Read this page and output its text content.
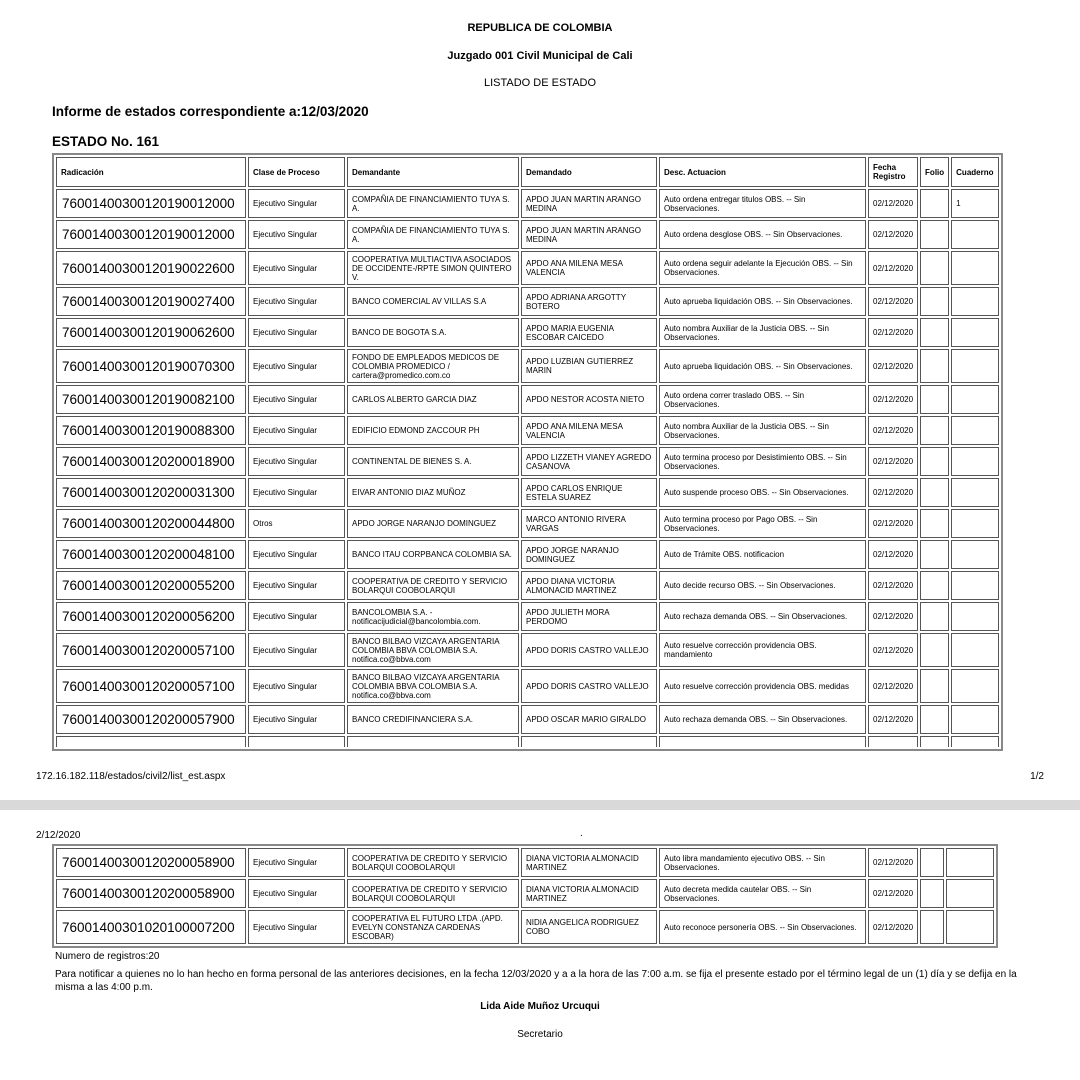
REPUBLICA DE COLOMBIA
Juzgado 001 Civil Municipal de Cali
LISTADO DE ESTADO
Informe de estados correspondiente a:12/03/2020
ESTADO No. 161
Radicación	Clase de Proceso	Demandante	Demandado	Desc. Actuacion	Fecha Registro	Folio	Cuaderno
76001400300120190012000	Ejecutivo Singular	COMPAÑIA DE FINANCIAMIENTO TUYA S. A.	APDO JUAN MARTIN ARANGO MEDINA	Auto ordena entregar titulos OBS. -- Sin Observaciones.	02/12/2020		1
76001400300120190012000	Ejecutivo Singular	COMPAÑIA DE FINANCIAMIENTO TUYA S. A.	APDO JUAN MARTIN ARANGO MEDINA	Auto ordena desglose OBS. -- Sin Observaciones.	02/12/2020		
76001400300120190022600	Ejecutivo Singular	COOPERATIVA MULTIACTIVA ASOCIADOS DE OCCIDENTE-/RPTE SIMON QUINTERO V.	APDO ANA MILENA MESA VALENCIA	Auto ordena seguir adelante la Ejecución OBS. -- Sin Observaciones.	02/12/2020		
76001400300120190027400	Ejecutivo Singular	BANCO COMERCIAL AV VILLAS S.A	APDO ADRIANA ARGOTTY BOTERO	Auto aprueba liquidación OBS. -- Sin Observaciones.	02/12/2020		
76001400300120190062600	Ejecutivo Singular	BANCO DE BOGOTA S.A.	APDO MARIA EUGENIA ESCOBAR CAICEDO	Auto nombra Auxiliar de la Justicia OBS. -- Sin Observaciones.	02/12/2020		
76001400300120190070300	Ejecutivo Singular	FONDO DE EMPLEADOS MEDICOS DE COLOMBIA PROMEDICO / cartera@promedico.com.co	APDO LUZBIAN GUTIERREZ MARIN	Auto aprueba liquidación OBS. -- Sin Observaciones.	02/12/2020		
76001400300120190082100	Ejecutivo Singular	CARLOS ALBERTO GARCIA DIAZ	APDO NESTOR ACOSTA NIETO	Auto ordena correr traslado OBS. -- Sin Observaciones.	02/12/2020		
76001400300120190088300	Ejecutivo Singular	EDIFICIO EDMOND ZACCOUR PH	APDO ANA MILENA MESA VALENCIA	Auto nombra Auxiliar de la Justicia OBS. -- Sin Observaciones.	02/12/2020		
76001400300120200018900	Ejecutivo Singular	CONTINENTAL DE BIENES S. A.	APDO LIZZETH VIANEY AGREDO CASANOVA	Auto termina proceso por Desistimiento OBS. -- Sin Observaciones.	02/12/2020		
76001400300120200031300	Ejecutivo Singular	EIVAR ANTONIO DIAZ MUÑOZ	APDO CARLOS ENRIQUE ESTELA SUAREZ	Auto suspende proceso OBS. -- Sin Observaciones.	02/12/2020		
76001400300120200044800	Otros	APDO JORGE NARANJO DOMINGUEZ	MARCO ANTONIO RIVERA VARGAS	Auto termina proceso por Pago OBS. -- Sin Observaciones.	02/12/2020		
76001400300120200048100	Ejecutivo Singular	BANCO ITAU CORPBANCA COLOMBIA SA.	APDO JORGE NARANJO DOMINGUEZ	Auto de Trámite OBS. notificacion	02/12/2020		
76001400300120200055200	Ejecutivo Singular	COOPERATIVA DE CREDITO Y SERVICIO BOLARQUI COOBOLARQUI	APDO DIANA VICTORIA ALMONACID MARTINEZ	Auto decide recurso OBS. -- Sin Observaciones.	02/12/2020		
76001400300120200056200	Ejecutivo Singular	BANCOLOMBIA S.A. - notificacijudicial@bancolombia.com.	APDO JULIETH MORA PERDOMO	Auto rechaza demanda OBS. -- Sin Observaciones.	02/12/2020		
76001400300120200057100	Ejecutivo Singular	BANCO BILBAO VIZCAYA ARGENTARIA COLOMBIA BBVA COLOMBIA S.A. notifica.co@bbva.com	APDO DORIS CASTRO VALLEJO	Auto resuelve corrección providencia OBS. mandamiento	02/12/2020		
76001400300120200057100	Ejecutivo Singular	BANCO BILBAO VIZCAYA ARGENTARIA COLOMBIA BBVA COLOMBIA S.A. notifica.co@bbva.com	APDO DORIS CASTRO VALLEJO	Auto resuelve corrección providencia OBS. medidas	02/12/2020		
76001400300120200057900	Ejecutivo Singular	BANCO CREDIFINANCIERA S.A.	APDO OSCAR MARIO GIRALDO	Auto rechaza demanda OBS. -- Sin Observaciones.	02/12/2020		

172.16.182.118/estados/civil2/list_est.aspx	1/2
2/12/2020	.
76001400300120200058900	Ejecutivo Singular	COOPERATIVA DE CREDITO Y SERVICIO BOLARQUI COOBOLARQUI	DIANA VICTORIA ALMONACID MARTINEZ	Auto libra mandamiento ejecutivo OBS. -- Sin Observaciones.	02/12/2020		
76001400300120200058900	Ejecutivo Singular	COOPERATIVA DE CREDITO Y SERVICIO BOLARQUI COOBOLARQUI	DIANA VICTORIA ALMONACID MARTINEZ	Auto decreta medida cautelar OBS. -- Sin Observaciones.	02/12/2020		
76001400301020100007200	Ejecutivo Singular	COOPERATIVA EL FUTURO LTDA .(APD. EVELYN CONSTANZA CARDENAS ESCOBAR)	NIDIA ANGELICA RODRIGUEZ COBO	Auto reconoce personería OBS. -- Sin Observaciones.	02/12/2020		
Numero de registros:20
Para notificar a quienes no lo han hecho en forma personal de las anteriores decisiones, en la fecha 12/03/2020 y a a la hora de las 7:00 a.m. se fija el presente estado por el término legal de un (1) día y se defija en la misma a las 4:00 p.m.
Lida Aide Muñoz Urcuqui
Secretario
